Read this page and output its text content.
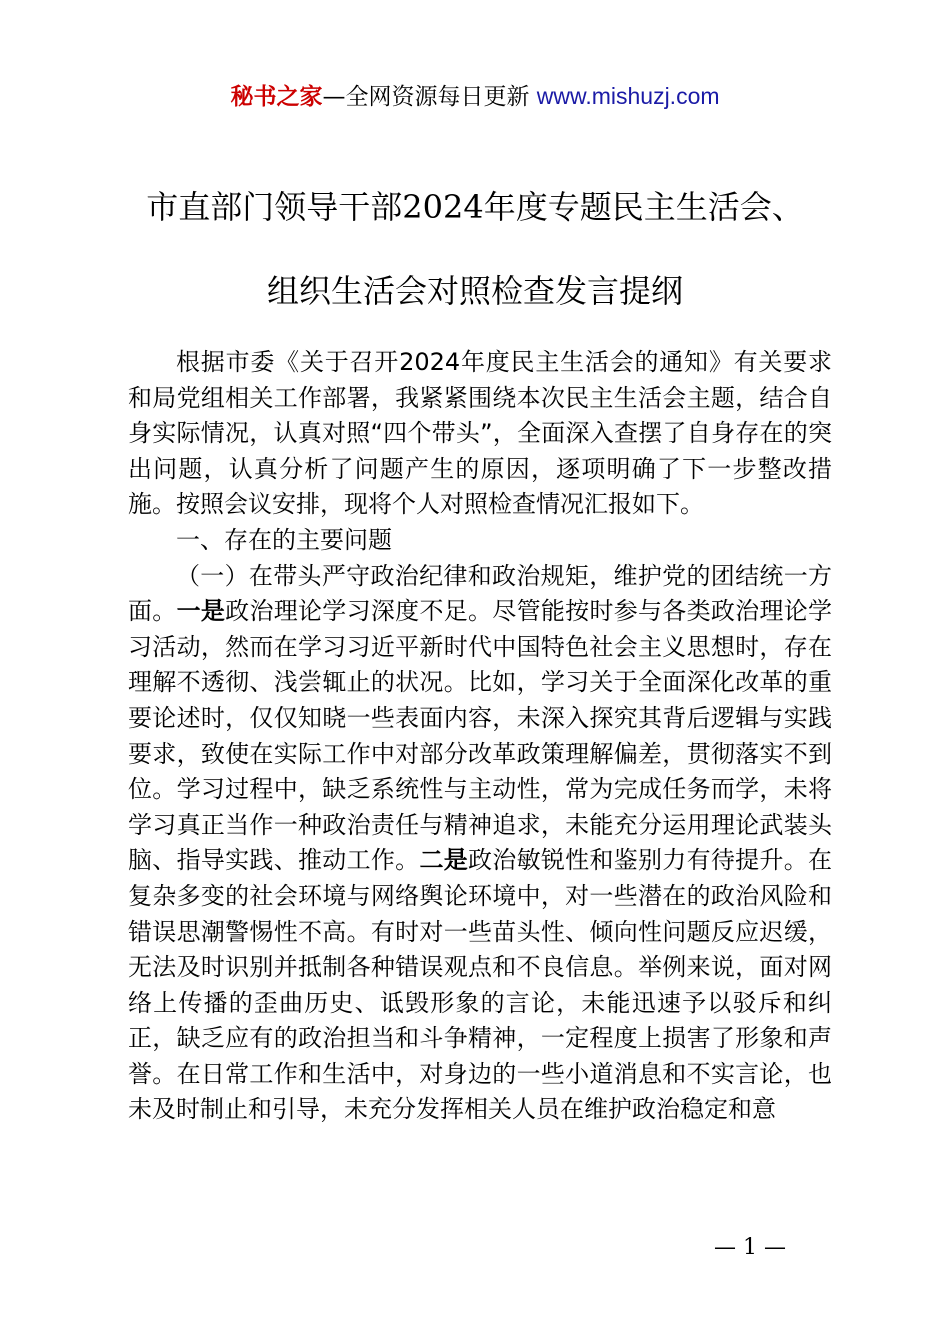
秘书之家—全网资源每日更新 www.mishuzj.com
市直部门领导干部2024年度专题民主生活会、
组织生活会对照检查发言提纲

根据市委《关于召开2024年度民主生活会的通知》有关要求和局党组相关工作部署，我紧紧围绕本次民主生活会主题，结合自身实际情况，认真对照“四个带头”，全面深入查摆了自身存在的突出问题，认真分析了问题产生的原因，逐项明确了下一步整改措施。按照会议安排，现将个人对照检查情况汇报如下。

一、存在的主要问题

（一）在带头严守政治纪律和政治规矩，维护党的团结统一方面。一是政治理论学习深度不足。尽管能按时参与各类政治理论学习活动，然而在学习习近平新时代中国特色社会主义思想时，存在理解不透彻、浅尝辄止的状况。比如，学习关于全面深化改革的重要论述时，仅仅知晓一些表面内容，未深入探究其背后逻辑与实践要求，致使在实际工作中对部分改革政策理解偏差，贯彻落实不到位。学习过程中，缺乏系统性与主动性，常为完成任务而学，未将学习真正当作一种政治责任与精神追求，未能充分运用理论武装头脑、指导实践、推动工作。二是政治敏锐性和鉴别力有待提升。在复杂多变的社会环境与网络舆论环境中，对一些潜在的政治风险和错误思潮警惕性不高。有时对一些苗头性、倾向性问题反应迟缓，无法及时识别并抵制各种错误观点和不良信息。举例来说，面对网络上传播的歪曲历史、诋毁形象的言论，未能迅速予以驳斥和纠正，缺乏应有的政治担当和斗争精神，一定程度上损害了形象和声誉。在日常工作和生活中，对身边的一些小道消息和不实言论，也未及时制止和引导，未充分发挥相关人员在维护政治稳定和意

— 1 —
